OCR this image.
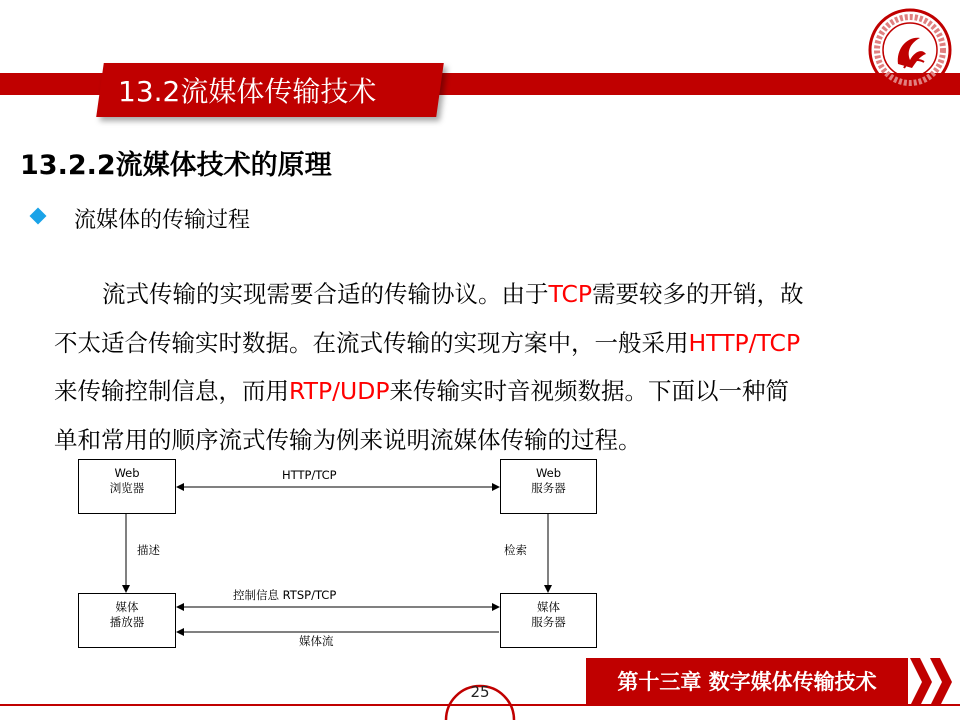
13.2流媒体传输技术
13.2.2流媒体技术的原理
流媒体的传输过程
流式传输的实现需要合适的传输协议。由于TCP需要较多的开销，故
不太适合传输实时数据。在流式传输的实现方案中，一般采用HTTP/TCP
来传输控制信息，而用RTP/UDP来传输实时音视频数据。下面以一种简
单和常用的顺序流式传输为例来说明流媒体传输的过程。
Web
浏览器
Web
服务器
媒体
播放器
媒体
服务器
HTTP/TCP
描述	检索
控制信息 RTSP/TCP
媒体流
25	第十三章 数字媒体传输技术
